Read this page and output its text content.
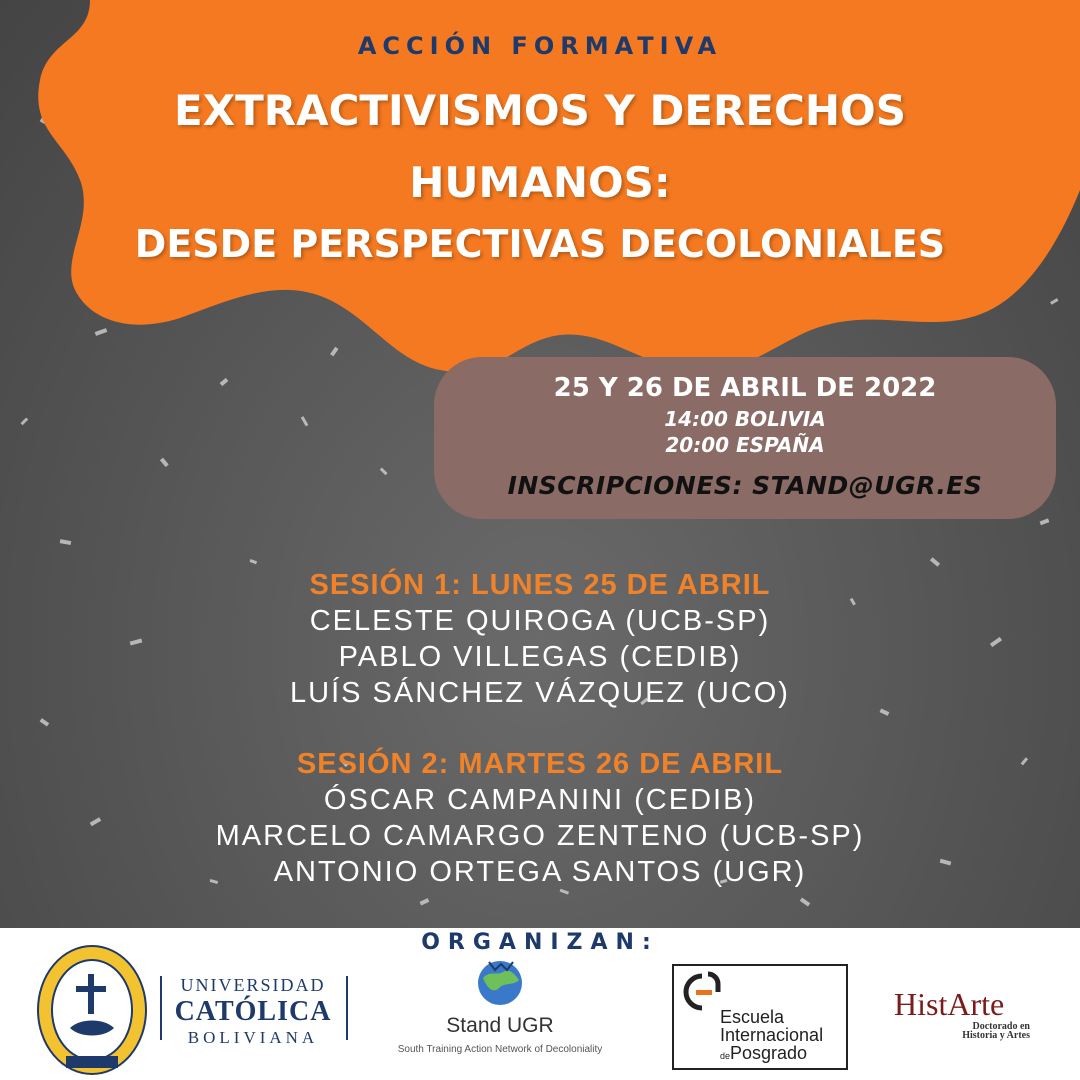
ACCIÓN FORMATIVA
EXTRACTIVISMOS Y DERECHOS
HUMANOS:
DESDE PERSPECTIVAS DECOLONIALES
25 Y 26 DE ABRIL DE 2022
14:00 BOLIVIA
20:00 ESPAÑA
INSCRIPCIONES: STAND@UGR.ES
SESIÓN 1: LUNES 25 DE ABRIL
CELESTE QUIROGA (UCB-SP)
PABLO VILLEGAS (CEDIB)
LUÍS SÁNCHEZ VÁZQUEZ (UCO)
SESIÓN 2: MARTES 26 DE ABRIL
ÓSCAR CAMPANINI (CEDIB)
MARCELO CAMARGO ZENTENO (UCB-SP)
ANTONIO ORTEGA SANTOS (UGR)
ORGANIZAN:
UNIVERSIDAD
CATÓLICA
BOLIVIANA
Stand UGR
South Training Action Network of Decoloniality
Escuela
Internacional
dePosgrado
HistArte
Doctorado en
Historia y Artes
